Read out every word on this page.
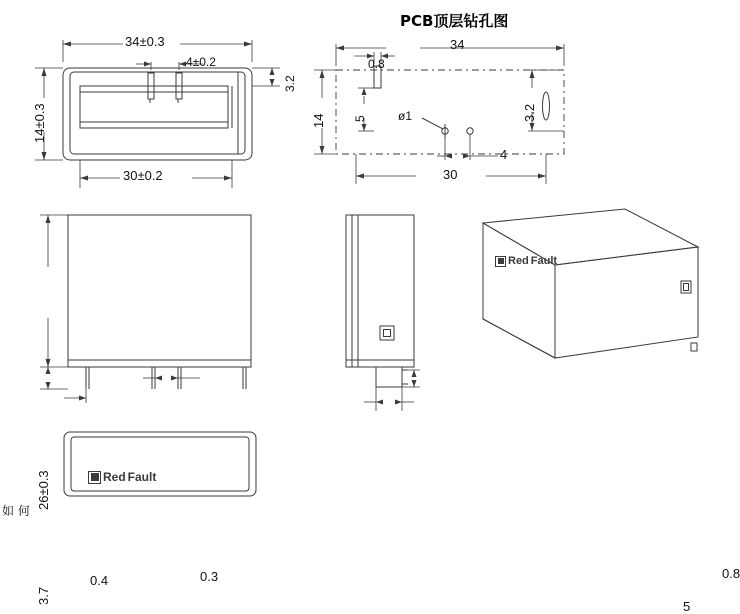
34±0.3
4±0.2
3.2
14±0.3
30±0.2
PCB顶层钻孔图
34
0.8
14 5	ø1	3.2
4
30
26±0.3
3.7
0.4	0.3	0.8
5
Red Fault
Red Fault
如 何
